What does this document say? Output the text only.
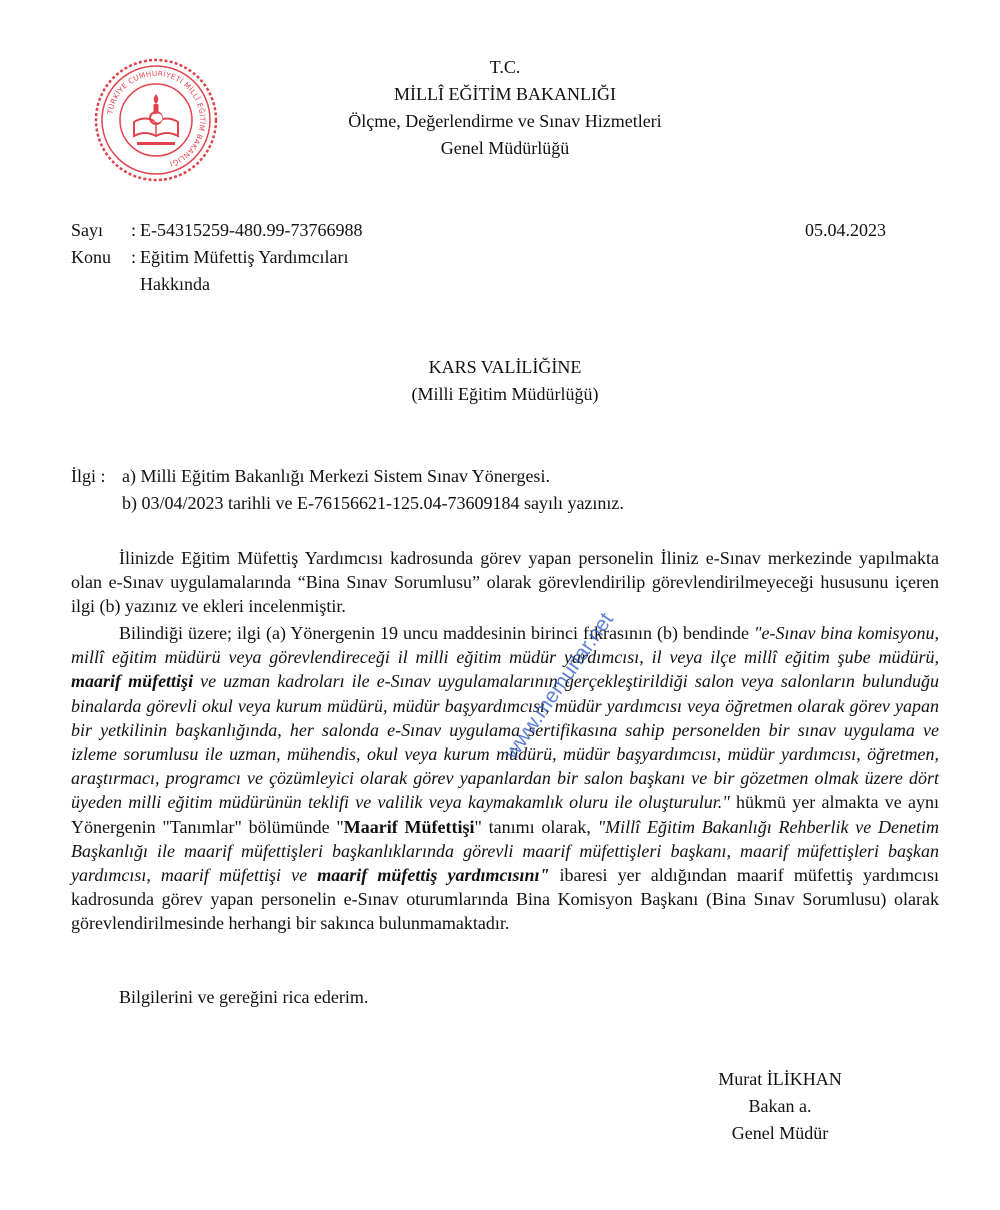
TÜRKİYE CUMHURİYETİ MİLLÎ EĞİTİM BAKANLIĞI
T.C.
MİLLÎ EĞİTİM BAKANLIĞI
Ölçme, Değerlendirme ve Sınav Hizmetleri
Genel Müdürlüğü
Sayı : E-54315259-480.99-73766988	05.04.2023
Konu : Eğitim Müfettiş Yardımcıları
Hakkında
KARS VALİLİĞİNE
(Milli Eğitim Müdürlüğü)
İlgi : a) Milli Eğitim Bakanlığı Merkezi Sistem Sınav Yönergesi.
b) 03/04/2023 tarihli ve E-76156621-125.04-73609184 sayılı yazınız.

İlinizde Eğitim Müfettiş Yardımcısı kadrosunda görev yapan personelin İliniz e-Sınav merkezinde yapılmakta olan e-Sınav uygulamalarında “Bina Sınav Sorumlusu” olarak görevlendirilip görevlendirilmeyeceği hususunu içeren ilgi (b) yazınız ve ekleri incelenmiştir.

Bilindiği üzere; ilgi (a) Yönergenin 19 uncu maddesinin birinci fıkrasının (b) bendinde "e-Sınav bina komisyonu, millî eğitim müdürü veya görevlendireceği il milli eğitim müdür yardımcısı, il veya ilçe millî eğitim şube müdürü, maarif müfettişi ve uzman kadroları ile e-Sınav uygulamalarının gerçekleştirildiği salon veya salonların bulunduğu binalarda görevli okul veya kurum müdürü, müdür başyardımcısı, müdür yardımcısı veya öğretmen olarak görev yapan bir yetkilinin başkanlığında, her salonda e-Sınav uygulama sertifikasına sahip personelden bir sınav uygulama ve izleme sorumlusu ile uzman, mühendis, okul veya kurum müdürü, müdür başyardımcısı, müdür yardımcısı, öğretmen, araştırmacı, programcı ve çözümleyici olarak görev yapanlardan bir salon başkanı ve bir gözetmen olmak üzere dört üyeden milli eğitim müdürünün teklifi ve valilik veya kaymakamlık oluru ile oluşturulur." hükmü yer almakta ve aynı Yönergenin "Tanımlar" bölümünde "Maarif Müfettişi" tanımı olarak, "Millî Eğitim Bakanlığı Rehberlik ve Denetim Başkanlığı ile maarif müfettişleri başkanlıklarında görevli maarif müfettişleri başkanı, maarif müfettişleri başkan yardımcısı, maarif müfettişi ve maarif müfettiş yardımcısını" ibaresi yer aldığından maarif müfettiş yardımcısı kadrosunda görev yapan personelin e-Sınav oturumlarında Bina Komisyon Başkanı (Bina Sınav Sorumlusu) olarak görevlendirilmesinde herhangi bir sakınca bulunmamaktadır.

Bilgilerini ve gereğini rica ederim.

Murat İLİKHAN
Bakan a.
Genel Müdür
www.memurlar.net
